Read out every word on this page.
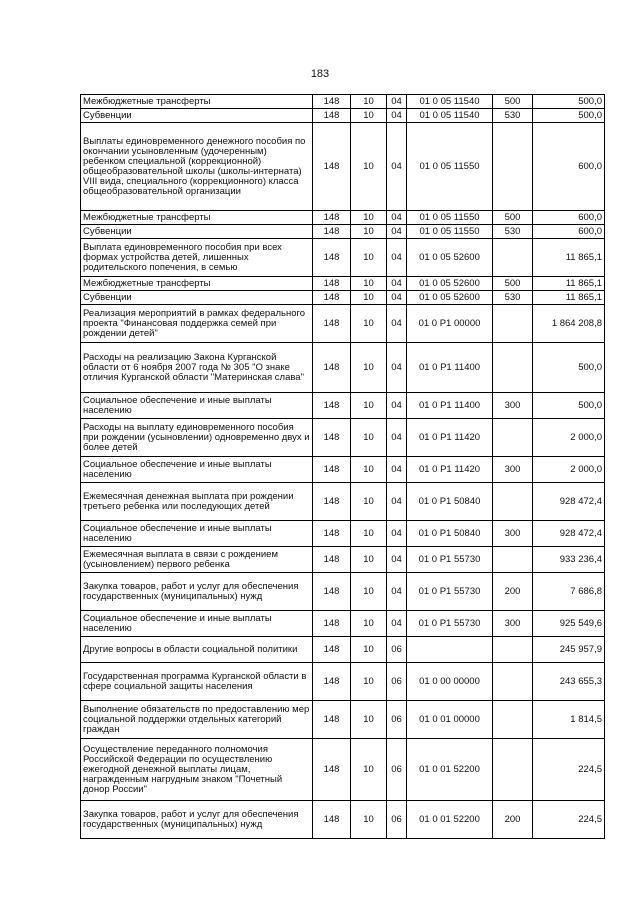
183
Межбюджетные трансферты	148	10	04	01 0 05 11540	500	500,0
Субвенции	148	10	04	01 0 05 11540	530	500,0
Выплаты единовременного денежного пособия по окончании усыновленным (удочеренным) ребенком специальной (коррекционной) общеобразовательной школы (школы-интерната) VIII вида, специального (коррекционного) класса общеобразовательной организации	148	10	04	01 0 05 11550		600,0
Межбюджетные трансферты	148	10	04	01 0 05 11550	500	600,0
Субвенции	148	10	04	01 0 05 11550	530	600,0
Выплата единовременного пособия при всех формах устройства детей, лишенных родительского попечения, в семью	148	10	04	01 0 05 52600		11 865,1
Межбюджетные трансферты	148	10	04	01 0 05 52600	500	11 865,1
Субвенции	148	10	04	01 0 05 52600	530	11 865,1
Реализация мероприятий в рамках федерального проекта "Финансовая поддержка семей при рождении детей"	148	10	04	01 0 P1 00000		1 864 208,8
Расходы на реализацию Закона Курганской области от 6 ноября 2007 года № 305 "О знаке отличия Курганской области "Материнская слава"	148	10	04	01 0 P1 11400		500,0
Социальное обеспечение и иные выплаты населению	148	10	04	01 0 P1 11400	300	500,0
Расходы на выплату единовременного пособия при рождении (усыновлении) одновременно двух и более детей	148	10	04	01 0 P1 11420		2 000,0
Социальное обеспечение и иные выплаты населению	148	10	04	01 0 P1 11420	300	2 000,0
Ежемесячная денежная выплата при рождении третьего ребенка или последующих детей	148	10	04	01 0 P1 50840		928 472,4
Социальное обеспечение и иные выплаты населению	148	10	04	01 0 P1 50840	300	928 472,4
Ежемесячная выплата в связи с рождением (усыновлением) первого ребенка	148	10	04	01 0 P1 55730		933 236,4
Закупка товаров, работ и услуг для обеспечения государственных (муниципальных) нужд	148	10	04	01 0 P1 55730	200	7 686,8
Социальное обеспечение и иные выплаты населению	148	10	04	01 0 P1 55730	300	925 549,6
Другие вопросы в области социальной политики	148	10	06			245 957,9
Государственная программа Курганской области в сфере социальной защиты населения	148	10	06	01 0 00 00000		243 655,3
Выполнение обязательств по предоставлению мер социальной поддержки отдельных категорий граждан	148	10	06	01 0 01 00000		1 814,5
Осуществление переданного полномочия Российской Федерации по осуществлению ежегодной денежной выплаты лицам, награжденным нагрудным знаком "Почетный донор России"	148	10	06	01 0 01 52200		224,5
Закупка товаров, работ и услуг для обеспечения государственных (муниципальных) нужд	148	10	06	01 0 01 52200	200	224,5
